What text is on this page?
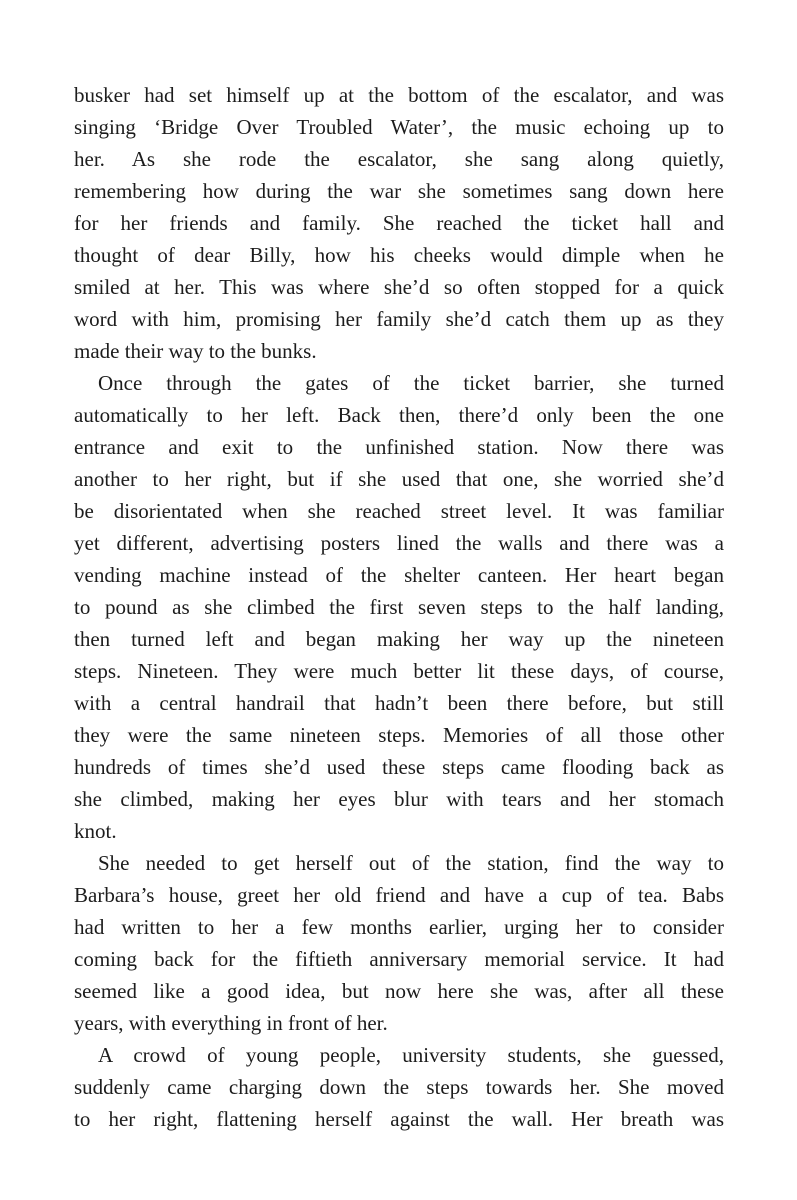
busker had set himself up at the bottom of the escalator, and was
singing ‘Bridge Over Troubled Water’, the music echoing up to
her. As she rode the escalator, she sang along quietly,
remembering how during the war she sometimes sang down here
for her friends and family. She reached the ticket hall and
thought of dear Billy, how his cheeks would dimple when he
smiled at her. This was where she’d so often stopped for a quick
word with him, promising her family she’d catch them up as they
made their way to the bunks.
Once through the gates of the ticket barrier, she turned
automatically to her left. Back then, there’d only been the one
entrance and exit to the unfinished station. Now there was
another to her right, but if she used that one, she worried she’d
be disorientated when she reached street level. It was familiar
yet different, advertising posters lined the walls and there was a
vending machine instead of the shelter canteen. Her heart began
to pound as she climbed the first seven steps to the half landing,
then turned left and began making her way up the nineteen
steps. Nineteen. They were much better lit these days, of course,
with a central handrail that hadn’t been there before, but still
they were the same nineteen steps. Memories of all those other
hundreds of times she’d used these steps came flooding back as
she climbed, making her eyes blur with tears and her stomach
knot.
She needed to get herself out of the station, find the way to
Barbara’s house, greet her old friend and have a cup of tea. Babs
had written to her a few months earlier, urging her to consider
coming back for the fiftieth anniversary memorial service. It had
seemed like a good idea, but now here she was, after all these
years, with everything in front of her.
A crowd of young people, university students, she guessed,
suddenly came charging down the steps towards her. She moved
to her right, flattening herself against the wall. Her breath was
